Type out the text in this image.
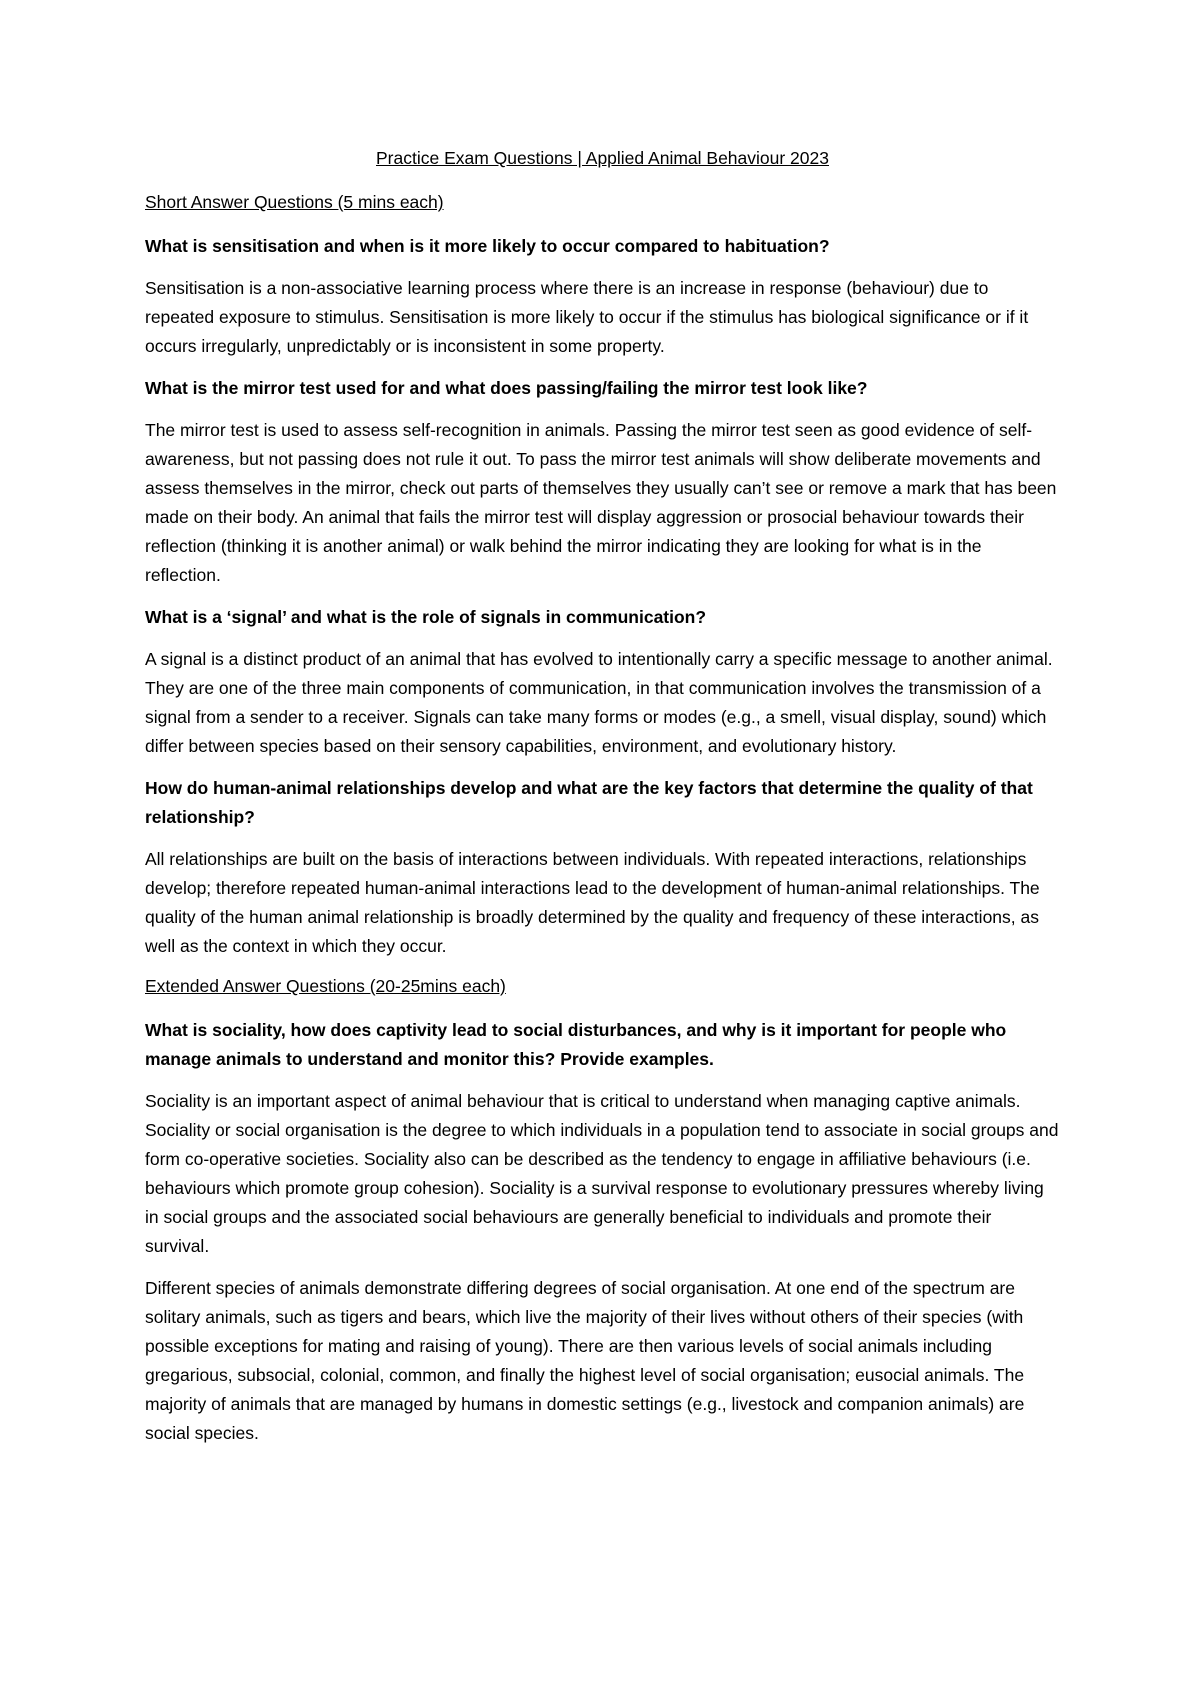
Practice Exam Questions | Applied Animal Behaviour 2023
Short Answer Questions (5 mins each)
What is sensitisation and when is it more likely to occur compared to habituation?
Sensitisation is a non-associative learning process where there is an increase in response (behaviour) due to repeated exposure to stimulus. Sensitisation is more likely to occur if the stimulus has biological significance or if it occurs irregularly, unpredictably or is inconsistent in some property.
What is the mirror test used for and what does passing/failing the mirror test look like?
The mirror test is used to assess self-recognition in animals. Passing the mirror test seen as good evidence of self-awareness, but not passing does not rule it out. To pass the mirror test animals will show deliberate movements and assess themselves in the mirror, check out parts of themselves they usually can’t see or remove a mark that has been made on their body. An animal that fails the mirror test will display aggression or prosocial behaviour towards their reflection (thinking it is another animal) or walk behind the mirror indicating they are looking for what is in the reflection.
What is a ‘signal’ and what is the role of signals in communication?
A signal is a distinct product of an animal that has evolved to intentionally carry a specific message to another animal. They are one of the three main components of communication, in that communication involves the transmission of a signal from a sender to a receiver. Signals can take many forms or modes (e.g., a smell, visual display, sound) which differ between species based on their sensory capabilities, environment, and evolutionary history.
How do human-animal relationships develop and what are the key factors that determine the quality of that relationship?
All relationships are built on the basis of interactions between individuals. With repeated interactions, relationships develop; therefore repeated human-animal interactions lead to the development of human-animal relationships. The quality of the human animal relationship is broadly determined by the quality and frequency of these interactions, as well as the context in which they occur.
Extended Answer Questions (20-25mins each)
What is sociality, how does captivity lead to social disturbances, and why is it important for people who manage animals to understand and monitor this? Provide examples.
Sociality is an important aspect of animal behaviour that is critical to understand when managing captive animals. Sociality or social organisation is the degree to which individuals in a population tend to associate in social groups and form co-operative societies. Sociality also can be described as the tendency to engage in affiliative behaviours (i.e. behaviours which promote group cohesion). Sociality is a survival response to evolutionary pressures whereby living in social groups and the associated social behaviours are generally beneficial to individuals and promote their survival.
Different species of animals demonstrate differing degrees of social organisation. At one end of the spectrum are solitary animals, such as tigers and bears, which live the majority of their lives without others of their species (with possible exceptions for mating and raising of young). There are then various levels of social animals including gregarious, subsocial, colonial, common, and finally the highest level of social organisation; eusocial animals. The majority of animals that are managed by humans in domestic settings (e.g., livestock and companion animals) are social species.
